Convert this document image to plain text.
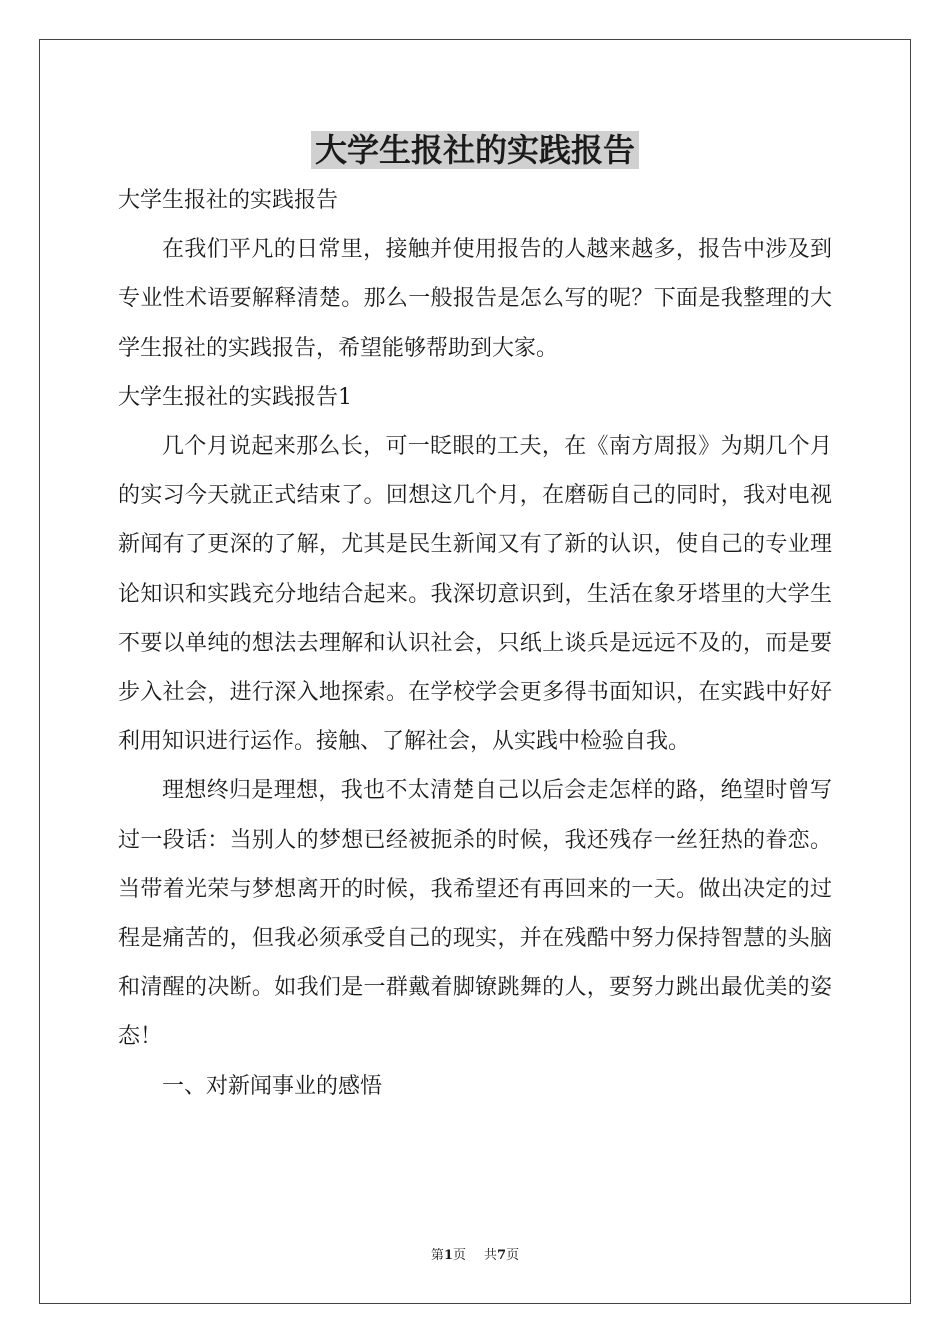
大学生报社的实践报告

大学生报社的实践报告

在我们平凡的日常里，接触并使用报告的人越来越多，报告中涉及到专业性术语要解释清楚。那么一般报告是怎么写的呢？下面是我整理的大学生报社的实践报告，希望能够帮助到大家。

大学生报社的实践报告1

几个月说起来那么长，可一眨眼的工夫，在《南方周报》为期几个月的实习今天就正式结束了。回想这几个月，在磨砺自己的同时，我对电视新闻有了更深的了解，尤其是民生新闻又有了新的认识，使自己的专业理论知识和实践充分地结合起来。我深切意识到，生活在象牙塔里的大学生不要以单纯的想法去理解和认识社会，只纸上谈兵是远远不及的，而是要步入社会，进行深入地探索。在学校学会更多得书面知识，在实践中好好利用知识进行运作。接触、了解社会，从实践中检验自我。

理想终归是理想，我也不太清楚自己以后会走怎样的路，绝望时曾写过一段话：当别人的梦想已经被扼杀的时候，我还残存一丝狂热的眷恋。当带着光荣与梦想离开的时候，我希望还有再回来的一天。做出决定的过程是痛苦的，但我必须承受自己的现实，并在残酷中努力保持智慧的头脑和清醒的决断。如我们是一群戴着脚镣跳舞的人，要努力跳出最优美的姿态！

一、对新闻事业的感悟

第1页 共7页
